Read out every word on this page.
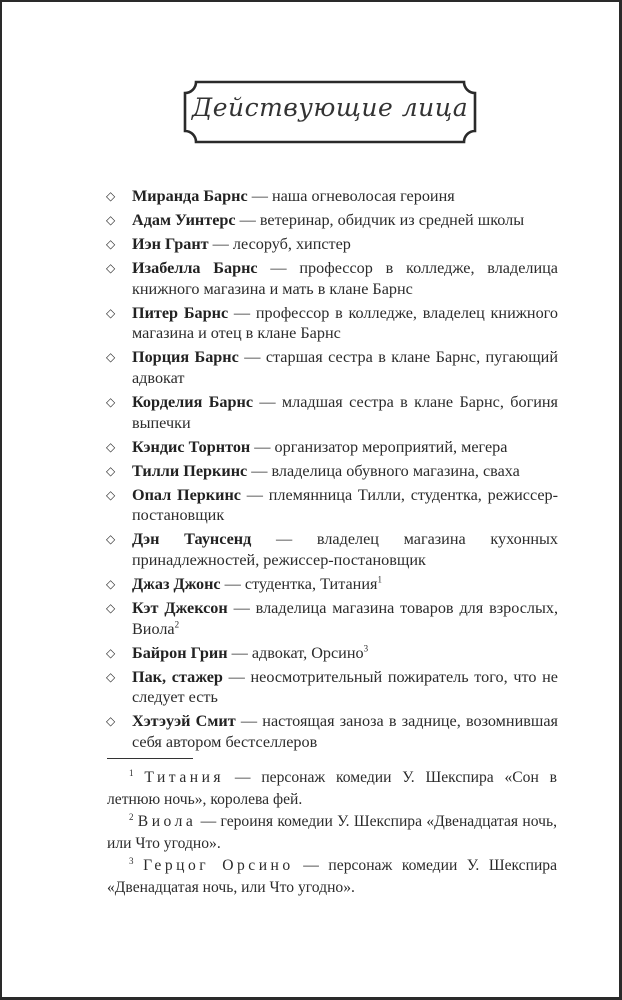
Действующие лица
◇ Миранда Барнс — наша огневолосая героиня
◇ Адам Уинтерс — ветеринар, обидчик из средней школы
◇ Иэн Грант — лесоруб, хипстер
◇ Изабелла Барнс — профессор в колледже, владелица книжного магазина и мать в клане Барнс
◇ Питер Барнс — профессор в колледже, владелец книжного магазина и отец в клане Барнс
◇ Порция Барнс — старшая сестра в клане Барнс, пугающий адвокат
◇ Корделия Барнс — младшая сестра в клане Барнс, богиня выпечки
◇ Кэндис Торнтон — организатор мероприятий, мегера
◇ Тилли Перкинс — владелица обувного магазина, сваха
◇ Опал Перкинс — племянница Тилли, студентка, режиссер-постановщик
◇ Дэн Таунсенд — владелец магазина кухонных принадлежностей, режиссер-постановщик
◇ Джаз Джонс — студентка, Титания$^1$
◇ Кэт Джексон — владелица магазина товаров для взрослых, Виола$^2$
◇ Байрон Грин — адвокат, Орсино$^3$
◇ Пак, стажер — неосмотрительный пожиратель того, что не следует есть
◇ Хэтэуэй Смит — настоящая заноза в заднице, возомнившая себя автором бестселлеров

$^1$ Титания — персонаж комедии У. Шекспира «Сон в летнюю ночь», королева фей.

$^2$ Виола — героиня комедии У. Шекспира «Двенадцатая ночь, или Что угодно».

$^3$ Герцог Орсино — персонаж комедии У. Шекспира «Двенадцатая ночь, или Что угодно».
